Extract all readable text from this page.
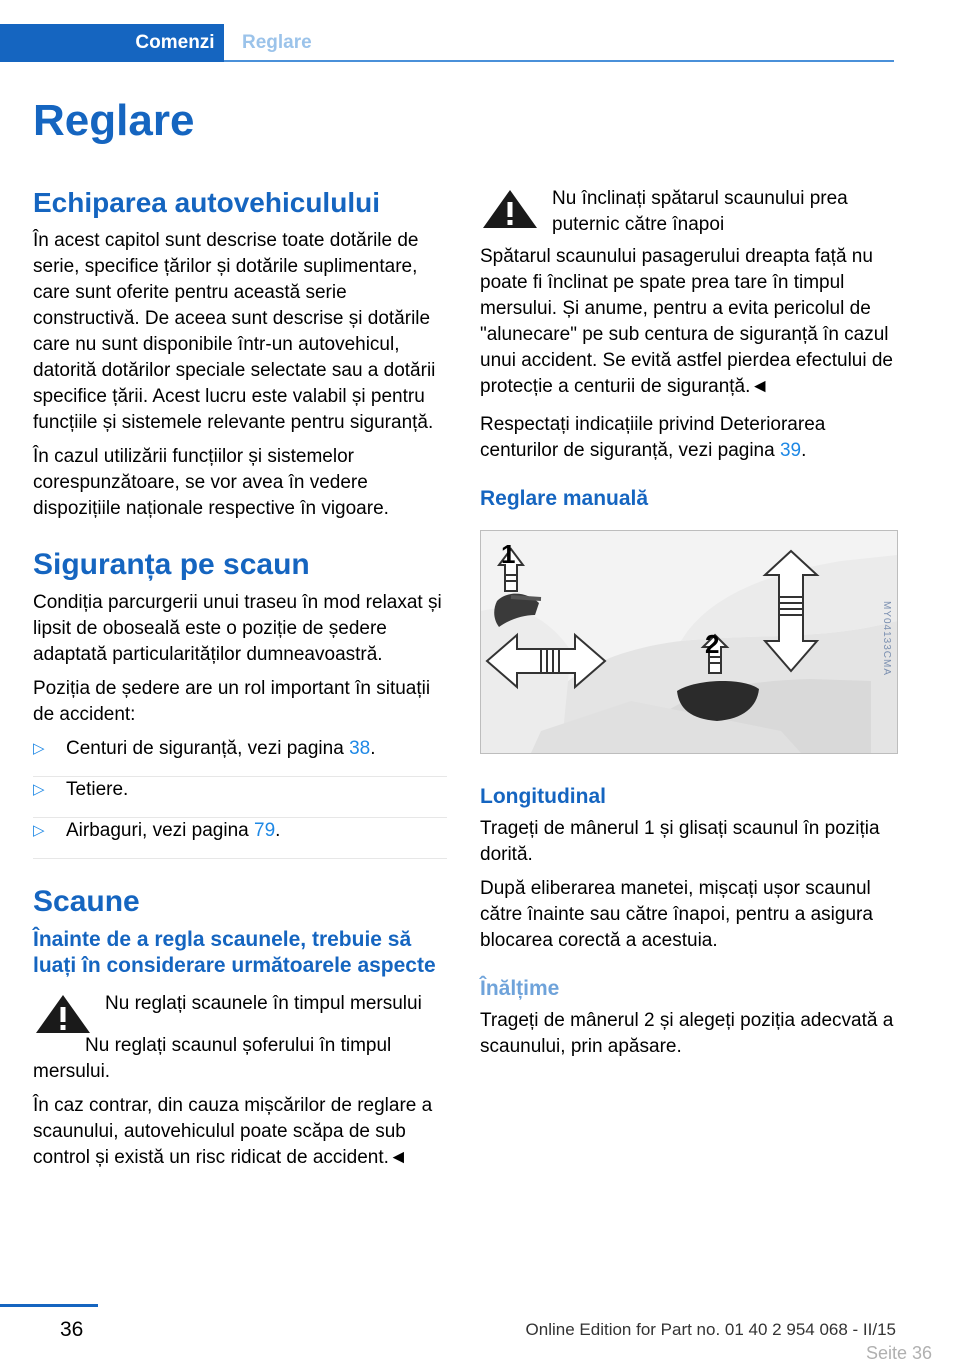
Comenzi	Reglare
Reglare
Echiparea autovehiculului

În acest capitol sunt descrise toate dotările de serie, specifice țărilor și dotările suplimentare, care sunt oferite pentru această serie constructivă. De aceea sunt descrise și dotările care nu sunt disponibile într-un autovehicul, datorită dotărilor speciale selectate sau a dotării specifice țării. Acest lucru este valabil și pentru funcțiile și sistemele relevante pentru siguranță.

În cazul utilizării funcțiilor și sistemelor corespunzătoare, se vor avea în vedere dispozițiile naționale respective în vigoare.

Siguranța pe scaun

Condiția parcurgerii unui traseu în mod relaxat și lipsit de oboseală este o poziție de ședere adaptată particularităților dumneavoastră.

Poziția de ședere are un rol important în situații de accident:

▷ Centuri de siguranță, vezi pagina 38.
▷ Tetiere.
▷ Airbaguri, vezi pagina 79.
Scaune
Înainte de a regla scaunele, trebuie să luați în considerare următoarele aspecte

Nu reglați scaunele în timpul mersului

Nu reglați scaunul șoferului în timpul mersului.

În caz contrar, din cauza mișcărilor de reglare a scaunului, autovehiculul poate scăpa de sub control și există un risc ridicat de accident.◄

Nu înclinați spătarul scaunului prea puternic către înapoi

Spătarul scaunului pasagerului dreapta față nu poate fi înclinat pe spate prea tare în timpul mersului. Și anume, pentru a evita pericolul de "alunecare" pe sub centura de siguranță în cazul unui accident. Se evită astfel pierdea efectului de protecție a centurii de siguranță.◄

Respectați indicațiile privind Deteriorarea centurilor de siguranță, vezi pagina 39.

Reglare manuală
1
2	MY04133CMA
Longitudinal

Trageți de mânerul 1 și glisați scaunul în poziția dorită.

După eliberarea manetei, mișcați ușor scaunul către înainte sau către înapoi, pentru a asigura blocarea corectă a acestuia.

Înălțime

Trageți de mânerul 2 și alegeți poziția adecvată a scaunului, prin apăsare.

36	Online Edition for Part no. 01 40 2 954 068 - II/15
Seite 36
